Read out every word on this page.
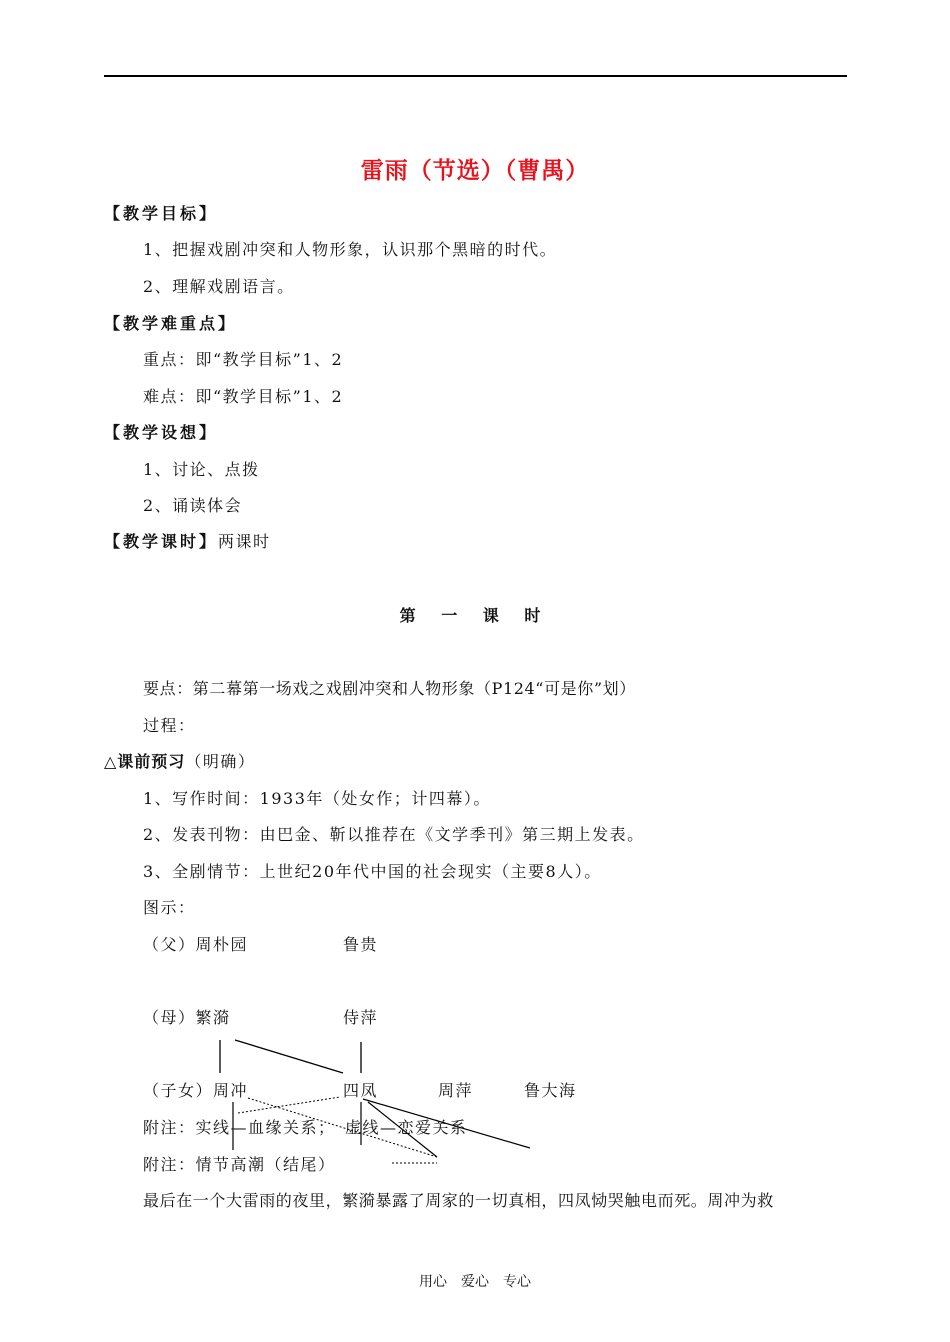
雷雨（节选）（曹禺）
【教学目标】
1、把握戏剧冲突和人物形象，认识那个黑暗的时代。
2、理解戏剧语言。
【教学难重点】
重点：即“教学目标”1、2
难点：即“教学目标”1、2
【教学设想】
1、讨论、点拨
2、诵读体会
【教学课时】两课时
第 一 课 时
要点：第二幕第一场戏之戏剧冲突和人物形象（P124“可是你”划）
过程：
△课前预习（明确）
1、写作时间：1933年（处女作；计四幕）。
2、发表刊物：由巴金、靳以推荐在《文学季刊》第三期上发表。
3、全剧情节：上世纪20年代中国的社会现实（主要8人）。
图示：
（父）周朴园	鲁贵
（母）繁漪	侍萍
（子女）周冲	四凤	周萍	鲁大海
附注：实线—血缘关系；　虚线—恋爱关系
附注：情节高潮（结尾）
最后在一个大雷雨的夜里，繁漪暴露了周家的一切真相，四凤恸哭触电而死。周冲为救
用心　爱心　专心
